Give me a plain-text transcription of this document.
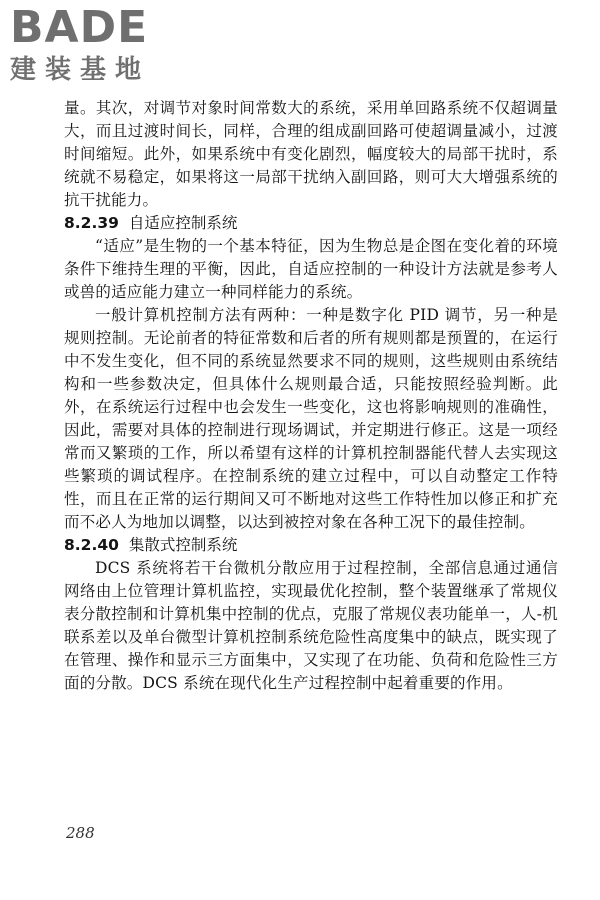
BADE
建装基地

量。其次，对调节对象时间常数大的系统，采用单回路系统不仅超调量大，而且过渡时间长，同样，合理的组成副回路可使超调量减小，过渡时间缩短。此外，如果系统中有变化剧烈，幅度较大的局部干扰时，系统就不易稳定，如果将这一局部干扰纳入副回路，则可大大增强系统的抗干扰能力。

8.2.39 自适应控制系统

“适应”是生物的一个基本特征，因为生物总是企图在变化着的环境条件下维持生理的平衡，因此，自适应控制的一种设计方法就是参考人或兽的适应能力建立一种同样能力的系统。

一般计算机控制方法有两种：一种是数字化 PID 调节，另一种是规则控制。无论前者的特征常数和后者的所有规则都是预置的，在运行中不发生变化，但不同的系统显然要求不同的规则，这些规则由系统结构和一些参数决定，但具体什么规则最合适，只能按照经验判断。此外，在系统运行过程中也会发生一些变化，这也将影响规则的准确性，因此，需要对具体的控制进行现场调试，并定期进行修正。这是一项经常而又繁琐的工作，所以希望有这样的计算机控制器能代替人去实现这些繁琐的调试程序。在控制系统的建立过程中，可以自动整定工作特性，而且在正常的运行期间又可不断地对这些工作特性加以修正和扩充而不必人为地加以调整，以达到被控对象在各种工况下的最佳控制。

8.2.40 集散式控制系统

DCS 系统将若干台微机分散应用于过程控制，全部信息通过通信网络由上位管理计算机监控，实现最优化控制，整个装置继承了常规仪表分散控制和计算机集中控制的优点，克服了常规仪表功能单一，人-机联系差以及单台微型计算机控制系统危险性高度集中的缺点，既实现了在管理、操作和显示三方面集中，又实现了在功能、负荷和危险性三方面的分散。DCS 系统在现代化生产过程控制中起着重要的作用。

288
